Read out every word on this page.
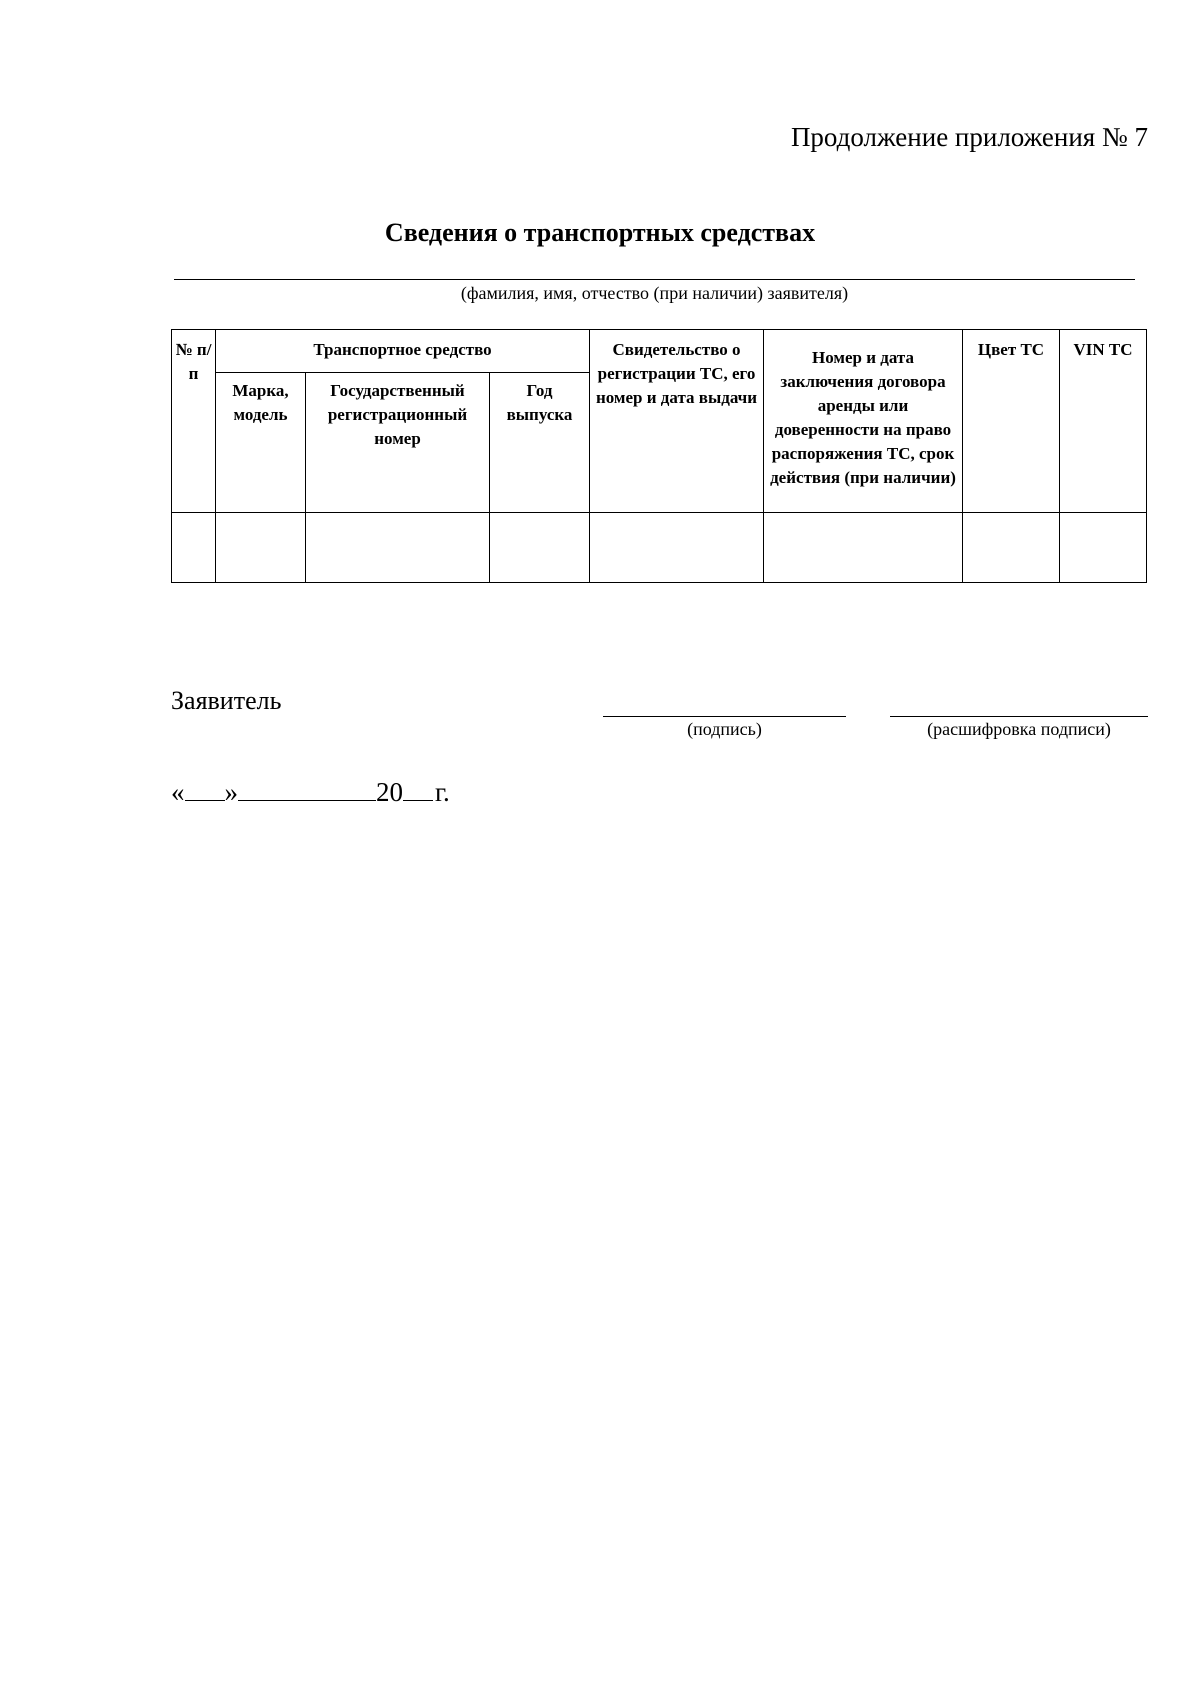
Продолжение приложения № 7
Сведения о транспортных средствах
(фамилия, имя, отчество (при наличии) заявителя)
№ п/п	Транспортное средство			Свидетельство о регистрации ТС, его номер и дата выдачи	Номер и дата заключения договора аренды или доверенности на право распоряжения ТС, срок действия (при наличии)	Цвет ТС	VIN ТС
	Марка, модель	Государственный регистрационный номер	Год выпуска				

Заявитель
(подпись)	(расшифровка подписи)
« »	20 г.
